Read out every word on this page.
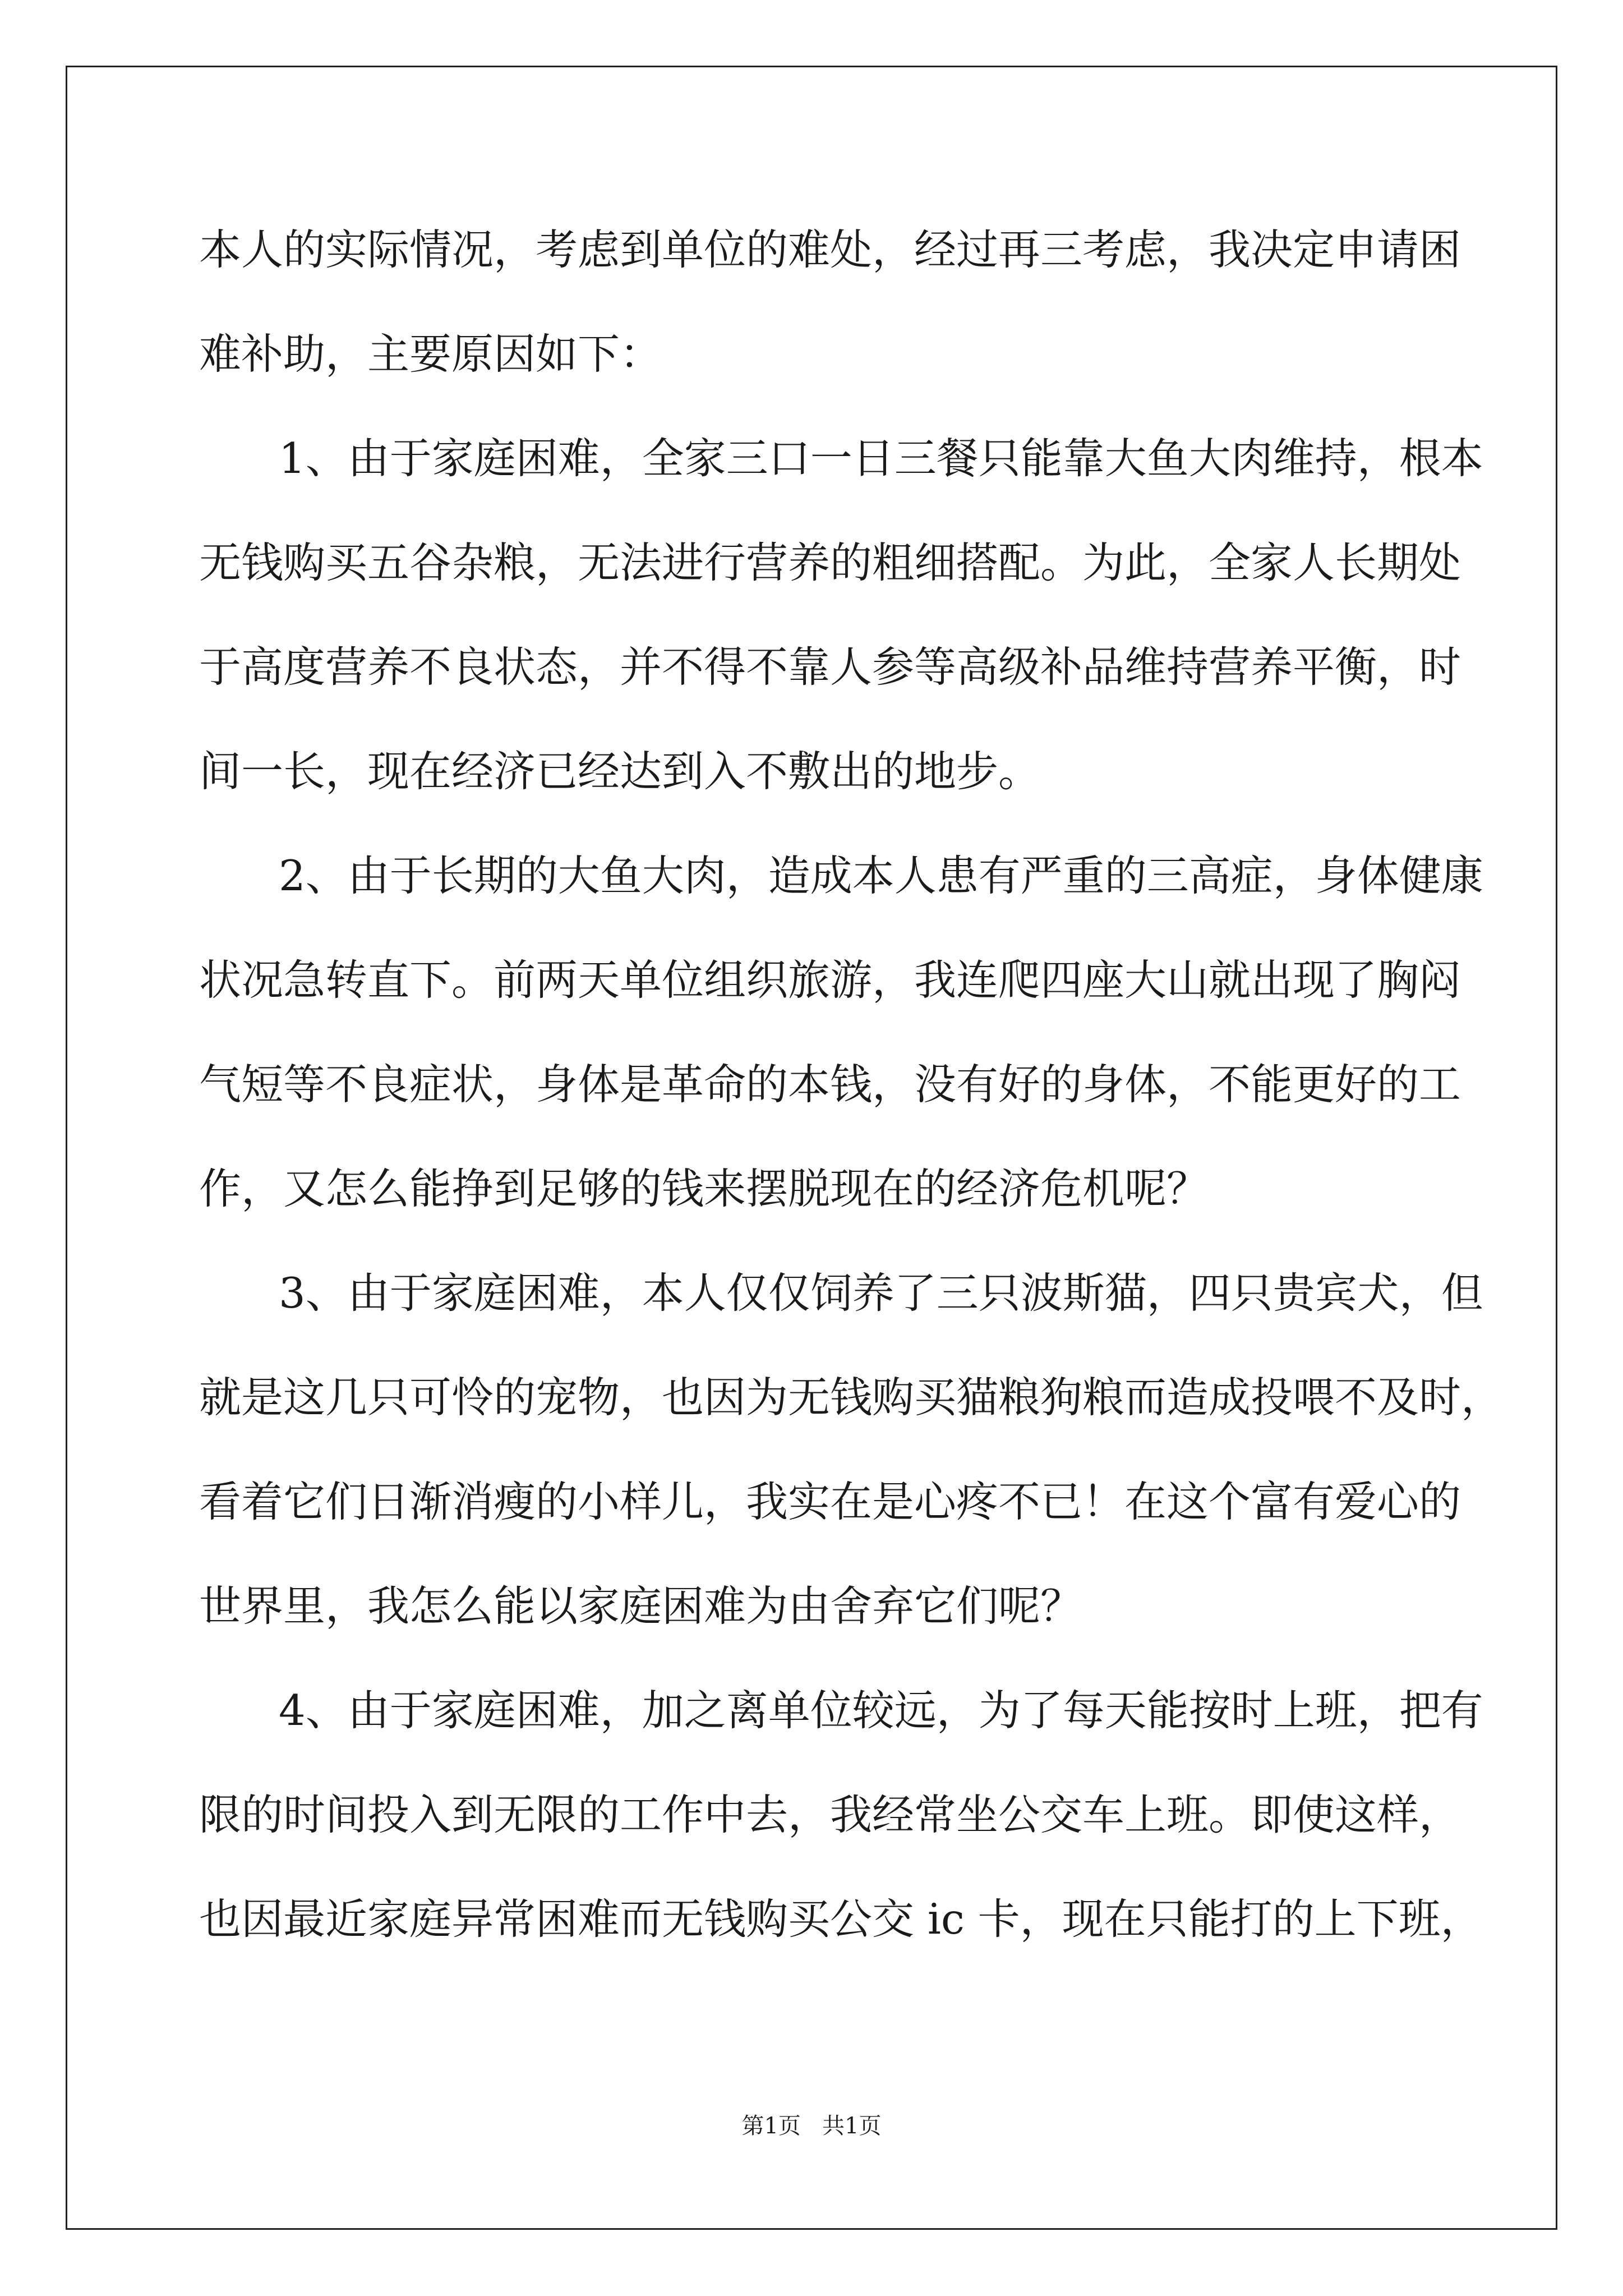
本人的实际情况，考虑到单位的难处，经过再三考虑，我决定申请困
难补助，主要原因如下：
1、由于家庭困难，全家三口一日三餐只能靠大鱼大肉维持，根本
无钱购买五谷杂粮，无法进行营养的粗细搭配。为此，全家人长期处
于高度营养不良状态，并不得不靠人参等高级补品维持营养平衡，时
间一长，现在经济已经达到入不敷出的地步。
2、由于长期的大鱼大肉，造成本人患有严重的三高症，身体健康
状况急转直下。前两天单位组织旅游，我连爬四座大山就出现了胸闷
气短等不良症状，身体是革命的本钱，没有好的身体，不能更好的工
作，又怎么能挣到足够的钱来摆脱现在的经济危机呢？
3、由于家庭困难，本人仅仅饲养了三只波斯猫，四只贵宾犬，但
就是这几只可怜的宠物，也因为无钱购买猫粮狗粮而造成投喂不及时，
看着它们日渐消瘦的小样儿，我实在是心疼不已！在这个富有爱心的
世界里，我怎么能以家庭困难为由舍弃它们呢？
4、由于家庭困难，加之离单位较远，为了每天能按时上班，把有
限的时间投入到无限的工作中去，我经常坐公交车上班。即使这样，
也因最近家庭异常困难而无钱购买公交 ic 卡，现在只能打的上下班，
第1页   共1页
